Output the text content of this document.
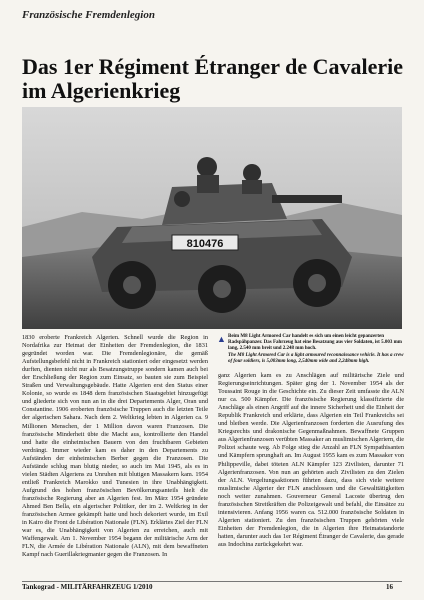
Französische Fremdenlegion
Das 1er Régiment Étranger de Cavalerie
im Algerienkrieg
810476
▲ Beim M8 Light Armored Car handelt es sich um einen leicht gepanzerten Radspähpanzer. Das Fahrzeug hat eine Besatzung aus vier Soldaten, ist 5.003 mm lang, 2.540 mm breit und 2.248 mm hoch.
The M8 Light Armored Car is a light armoured reconnaissance vehicle. It has a crew of four soldiers, is 5,003mm long, 2,540mm wide and 2,248mm high.

1830 eroberte Frankreich Algerien. Schnell wurde die Region in Nordafrika zur Heimat der Einheiten der Fremdenlegion, die 1831 gegründet worden war. Die Fremdenlegionäre, die gemäß Aufstellungsbefehl nicht in Frankreich stationiert oder eingesetzt werden durften, dienten nicht nur als Besatzungstruppe sondern kamen auch bei der Erschließung der Region zum Einsatz, so bauten sie zum Beispiel Straßen und Verwaltungsgebäude. Hatte Algerien erst den Status einer Kolonie, so wurde es 1848 dem französischen Staatsgebiet hinzugefügt und gliederte sich von nun an in die drei Departements Alger, Oran und Constantine. 1906 eroberten französische Truppen auch die letzten Teile der algerischen Sahara. Nach dem 2. Weltkrieg lebten in Algerien ca. 9 Millionen Menschen, der 1 Million davon waren Franzosen. Die französische Minderheit übte die Macht aus, kontrollierte den Handel und hatte die einheimischen Bauern von den fruchtbaren Gebieten verdrängt. Immer wieder kam es daher in den Departements zu Aufständen der einheimischen Berber gegen die Franzosen. Die Aufstände schlug man blutig nieder, so auch im Mai 1945, als es in vielen Städten Algeriens zu Unruhen mit blutigen Massakern kam. 1954 entließ Frankreich Marokko und Tunesien in ihre Unabhängigkeit. Aufgrund des hohen französischen Bevölkerungsanteils hielt die französische Regierung aber an Algerien fest. Im März 1954 gründete Ahmed Ben Bella, ein algerischer Politiker, der im 2. Weltkrieg in der französischen Armee gekämpft hatte und hoch dekoriert wurde, im Exil in Kairo die Front de Libération Nationale (FLN). Erklärtes Ziel der FLN war es, die Unabhängigkeit von Algerien zu erreichen, auch mit Waffengewalt. Am 1. November 1954 begann der militärische Arm der FLN, die Armée de Libération Nationale (ALN), mit dem bewaffneten Kampf nach Guerillakriegmanier gegen die Franzosen. In

ganz Algerien kam es zu Anschlägen auf militärische Ziele und Regierungseinrichtungen. Später ging der 1. November 1954 als der Toussaint Rouge in die Geschichte ein. Zu dieser Zeit umfasste die ALN nur ca. 500 Kämpfer. Die französische Regierung klassifizierte die Anschläge als einen Angriff auf die innere Sicherheit und die Einheit der Republik Frankreich und erklärte, dass Algerien ein Teil Frankreichs sei und bleiben werde. Die Algerienfranzosen forderten die Ausrufung des Kriegsrechts und drakonische Gegenmaßnahmen. Bewaffnete Gruppen aus Algerienfranzosen verübten Massaker an muslimischen Algeriern, die Polizei schaute weg. Ab Folge stieg die Anzahl an FLN Sympathisanten und Kämpfern sprunghaft an. Im August 1955 kam es zum Massaker von Philippeville, dabei töteten ALN Kämpfer 123 Zivilisten, darunter 71 Algerienfranzosen. Von nun an gehörten auch Zivilisten zu den Zielen der ALN. Vergeltungsaktionen führten dazu, dass sich viele weitere muslimische Algerier der FLN anschlossen und die Gewalttätigkeiten noch weiter zunahmen. Gouverneur General Lacoste übertrug den französischen Streitkräften die Polizeigewalt und befahl, die Einsätze zu intensivieren. Anfang 1956 waren ca. 512.000 französische Soldaten in Algerien stationiert. Zu den französischen Truppen gehörten viele Einheiten der Fremdenlegion, die in Algerien ihre Heimatstandorte hatten, darunter auch das 1er Régiment Étranger de Cavalerie, das gerade aus Indochina zurückgekehrt war.

Tankograd - MILITÄRFAHRZEUG 1/2010	16
